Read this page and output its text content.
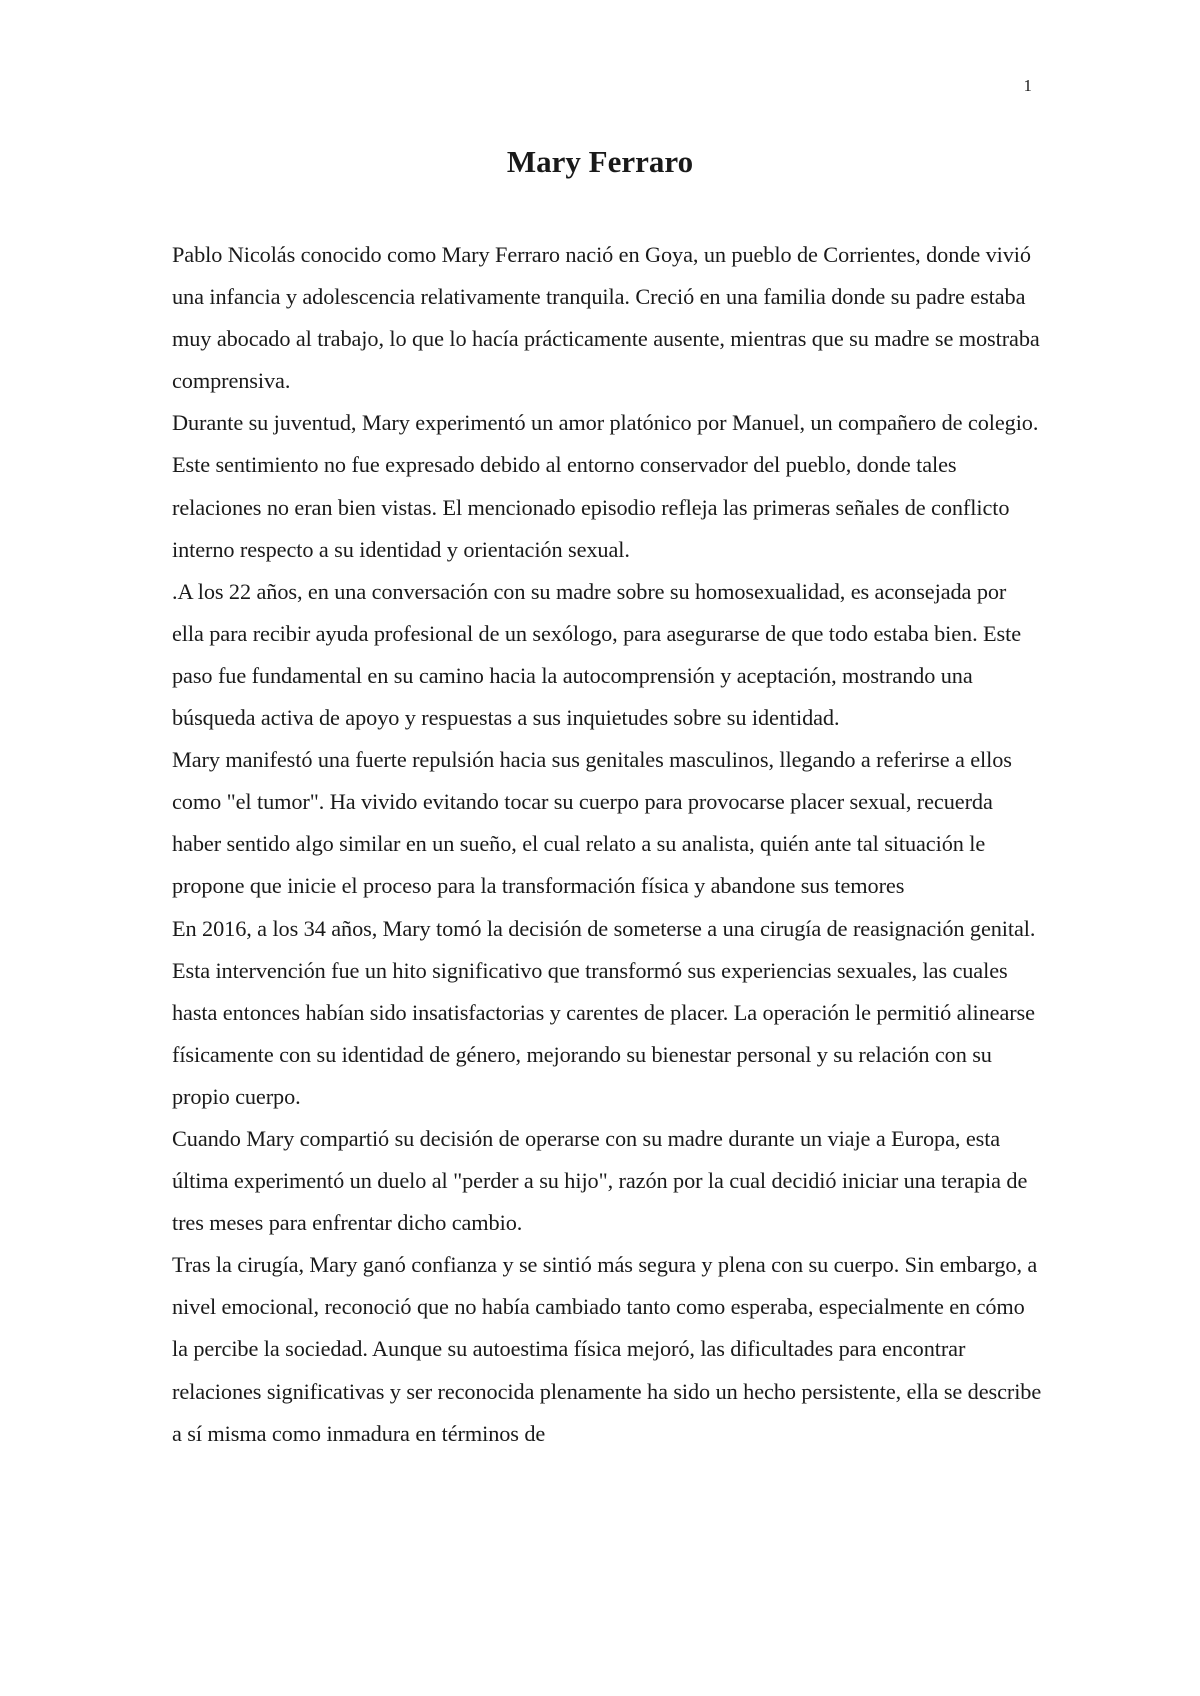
1
Mary Ferraro

Pablo Nicolás conocido como Mary Ferraro nació en Goya, un pueblo de Corrientes, donde vivió una infancia y adolescencia relativamente tranquila. Creció en una familia donde su padre estaba muy abocado al trabajo, lo que lo hacía prácticamente ausente, mientras que su madre se mostraba comprensiva.

Durante su juventud, Mary experimentó un amor platónico por Manuel, un compañero de colegio. Este sentimiento no fue expresado debido al entorno conservador del pueblo, donde tales relaciones no eran bien vistas. El mencionado episodio refleja las primeras señales de conflicto interno respecto a su identidad y orientación sexual.

.A los 22 años, en una conversación con su madre sobre su homosexualidad, es aconsejada por ella para recibir ayuda profesional de un sexólogo, para asegurarse de que todo estaba bien. Este paso fue fundamental en su camino hacia la autocomprensión y aceptación, mostrando una búsqueda activa de apoyo y respuestas a sus inquietudes sobre su identidad.

Mary manifestó una fuerte repulsión hacia sus genitales masculinos, llegando a referirse a ellos como "el tumor". Ha vivido evitando tocar su cuerpo para provocarse placer sexual, recuerda haber sentido algo similar en un sueño, el cual relato a su analista, quién ante tal situación le propone que inicie el proceso para la transformación física y abandone sus temores

En 2016, a los 34 años, Mary tomó la decisión de someterse a una cirugía de reasignación genital. Esta intervención fue un hito significativo que transformó sus experiencias sexuales, las cuales hasta entonces habían sido insatisfactorias y carentes de placer. La operación le permitió alinearse físicamente con su identidad de género, mejorando su bienestar personal y su relación con su propio cuerpo.

Cuando Mary compartió su decisión de operarse con su madre durante un viaje a Europa, esta última experimentó un duelo al "perder a su hijo", razón por la cual decidió iniciar una terapia de tres meses para enfrentar dicho cambio.

Tras la cirugía, Mary ganó confianza y se sintió más segura y plena con su cuerpo. Sin embargo, a nivel emocional, reconoció que no había cambiado tanto como esperaba, especialmente en cómo la percibe la sociedad. Aunque su autoestima física mejoró, las dificultades para encontrar relaciones significativas y ser reconocida plenamente ha sido un hecho persistente, ella se describe a sí misma como inmadura en términos de
